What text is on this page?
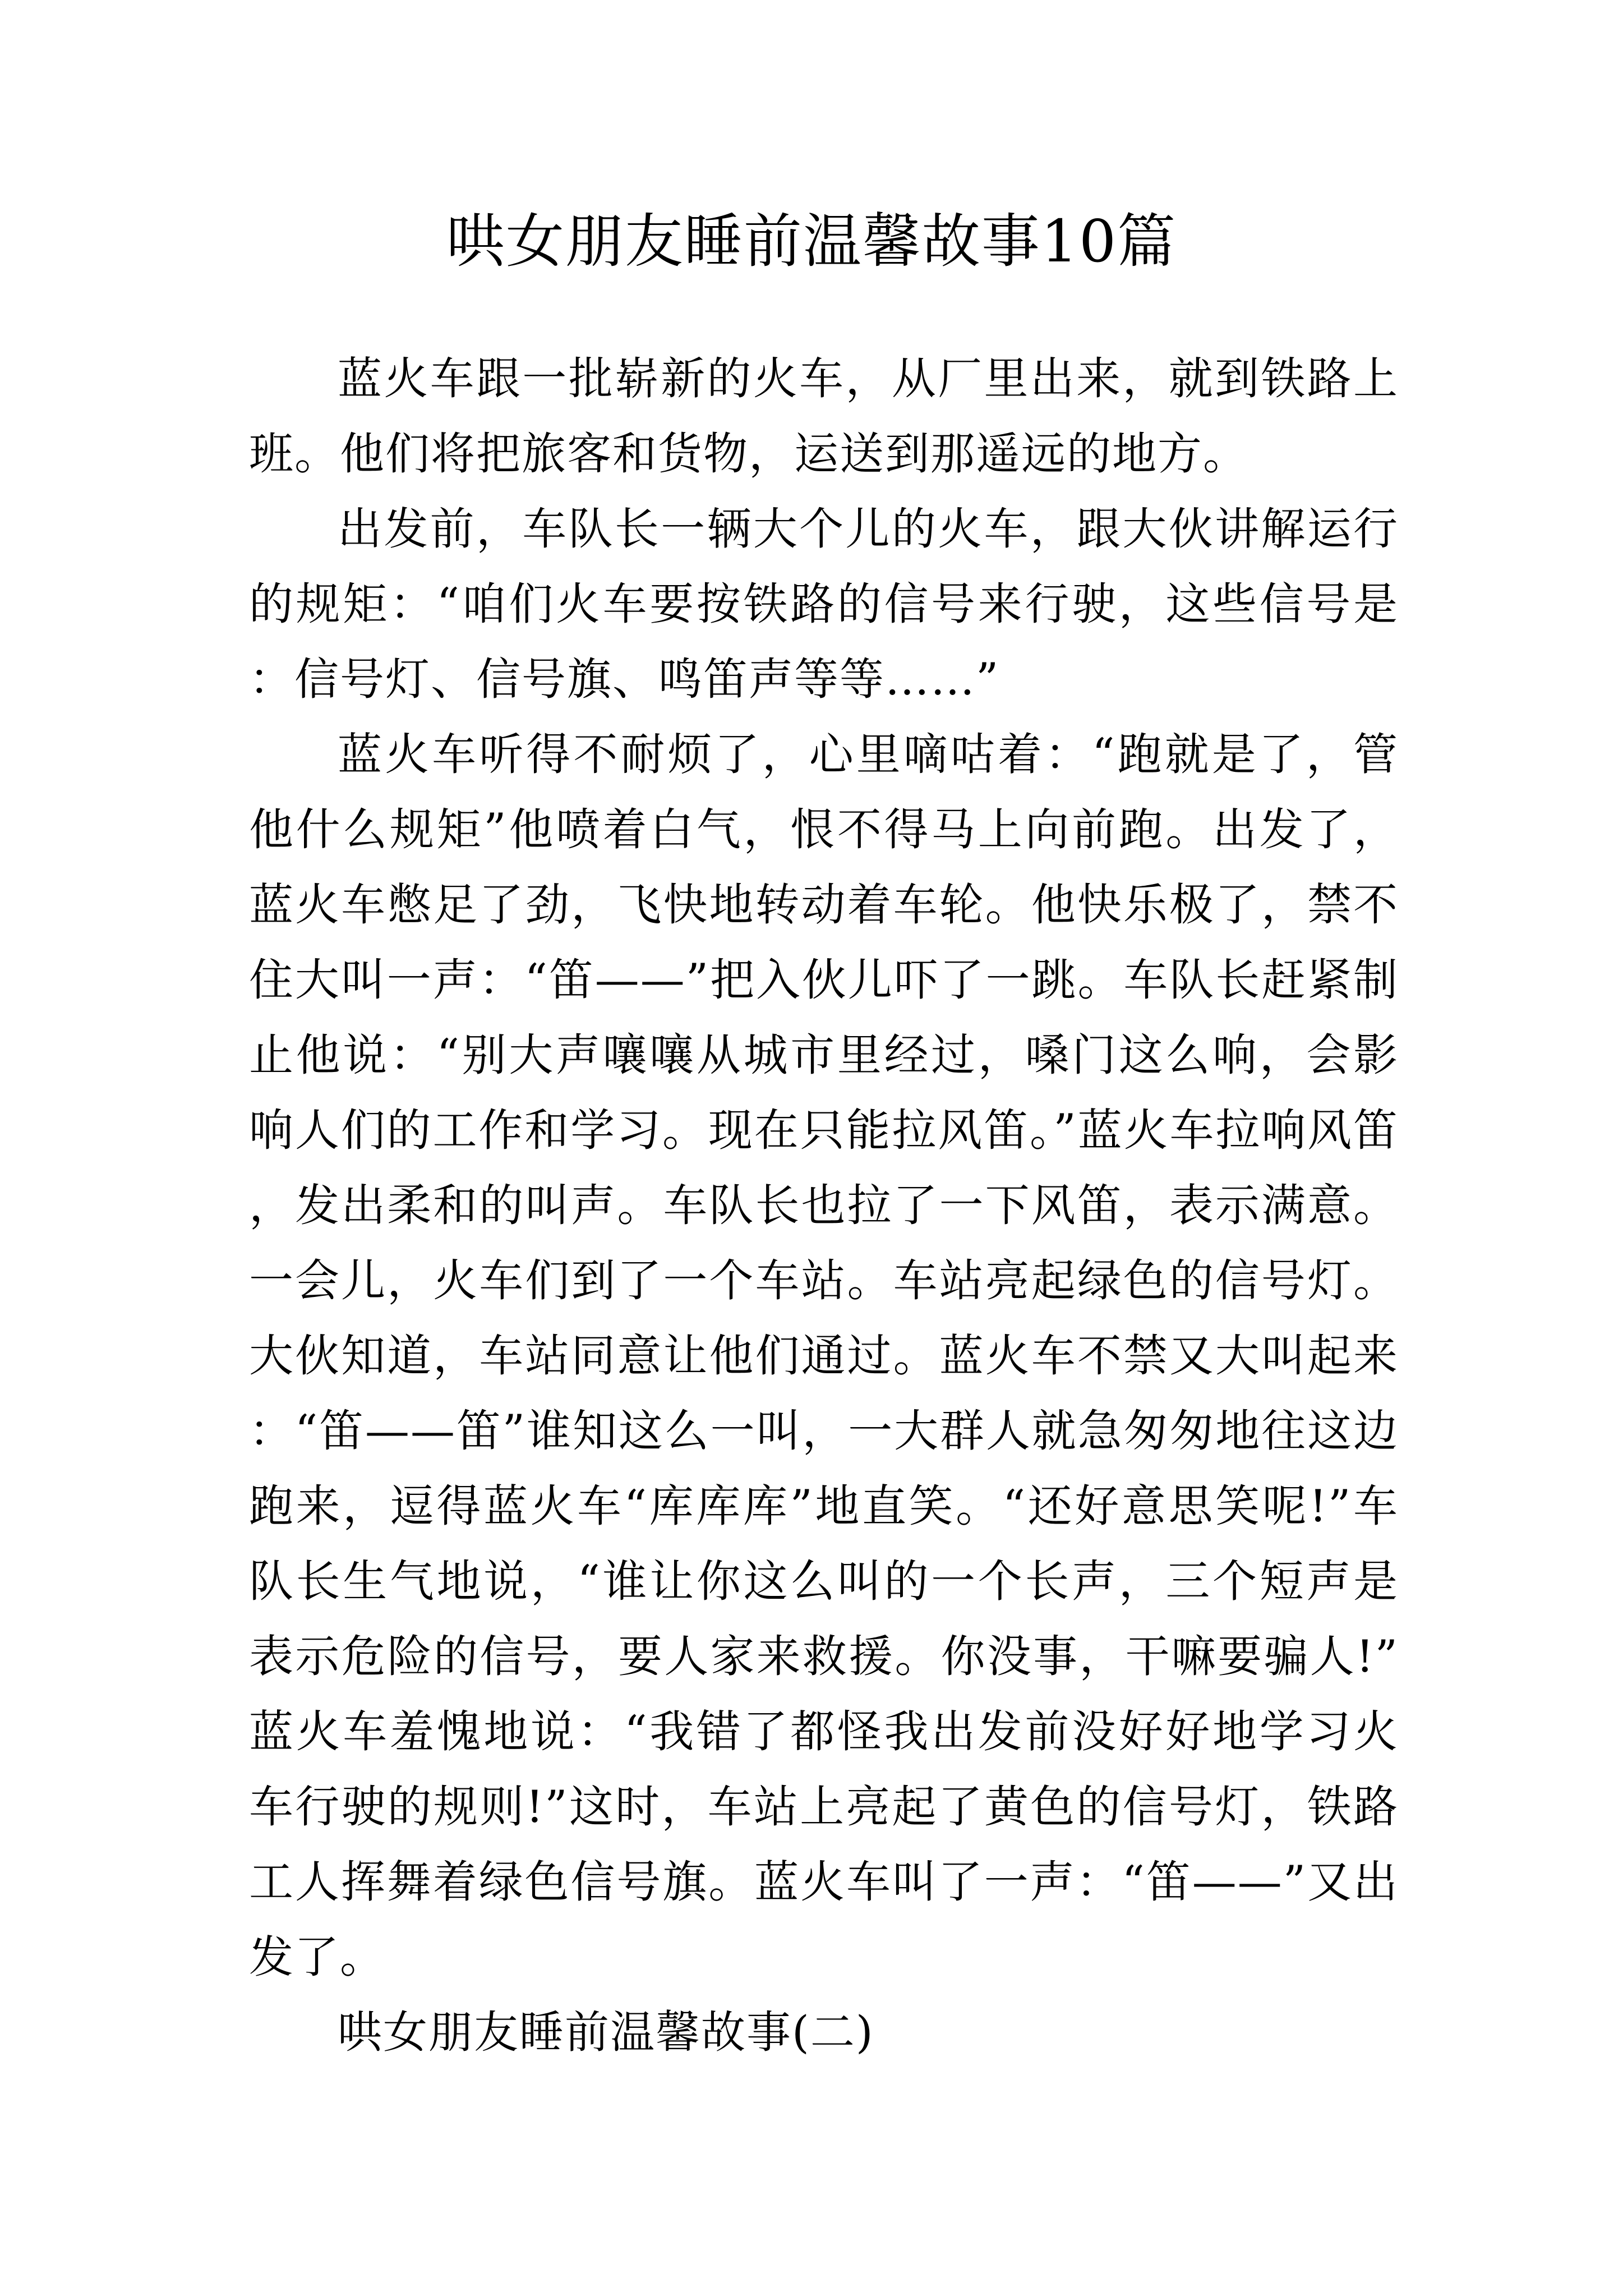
哄女朋友睡前温馨故事10篇

蓝火车跟一批崭新的火车，从厂里出来，就到铁路上班。他们将把旅客和货物，运送到那遥远的地方。

出发前，车队长一辆大个儿的火车，跟大伙讲解运行的规矩：“咱们火车要按铁路的信号来行驶，这些信号是：信号灯、信号旗、鸣笛声等等……”

蓝火车听得不耐烦了，心里嘀咕着：“跑就是了，管他什么规矩”他喷着白气，恨不得马上向前跑。出发了，蓝火车憋足了劲，飞快地转动着车轮。他快乐极了，禁不住大叫一声：“笛——”把入伙儿吓了一跳。车队长赶紧制止他说：“别大声嚷嚷从城市里经过，嗓门这么响，会影响人们的工作和学习。现在只能拉风笛。”蓝火车拉响风笛，发出柔和的叫声。车队长也拉了一下风笛，表示满意。一会儿，火车们到了一个车站。车站亮起绿色的信号灯。大伙知道，车站同意让他们通过。蓝火车不禁又大叫起来：“笛——笛”谁知这么一叫，一大群人就急匆匆地往这边跑来，逗得蓝火车“库库库”地直笑。“还好意思笑呢!”车队长生气地说，“谁让你这么叫的一个长声，三个短声是表示危险的信号，要人家来救援。你没事，干嘛要骗人!”蓝火车羞愧地说：“我错了都怪我出发前没好好地学习火车行驶的规则!”这时，车站上亮起了黄色的信号灯，铁路工人挥舞着绿色信号旗。蓝火车叫了一声：“笛——”又出发了。

哄女朋友睡前温馨故事(二)
